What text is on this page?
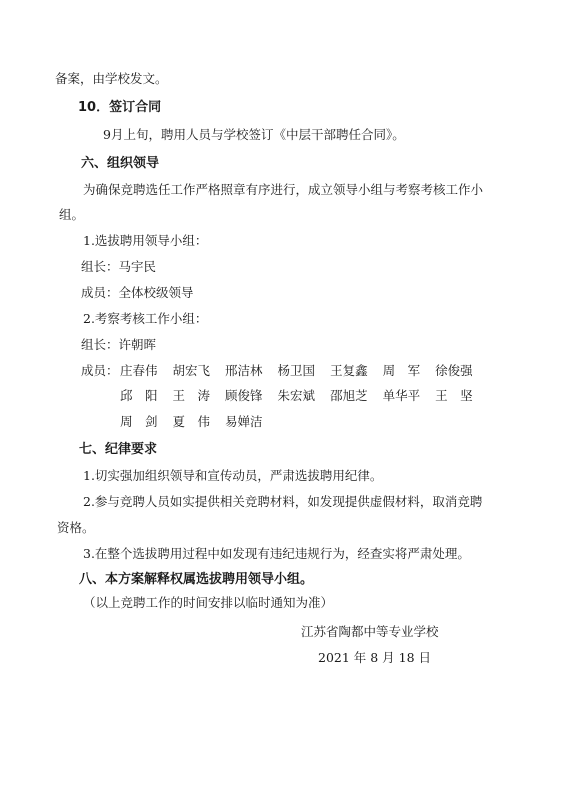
备案，由学校发文。
10．签订合同
9月上旬，聘用人员与学校签订《中层干部聘任合同》。
六、组织领导
为确保竞聘选任工作严格照章有序进行，成立领导小组与考察考核工作小
组。
1.选拔聘用领导小组：
组长：马宇民
成员：全体校级领导
2.考察考核工作小组：
组长：许朝晖
成员： 庄春伟 胡宏飞 邢洁林 杨卫国 王复鑫 周　军 徐俊强
邱　阳 王　涛 顾俊锋 朱宏斌 邵旭芝 单华平 王　坚
周　剑 夏　伟 易婵洁
七、纪律要求
1.切实强加组织领导和宣传动员，严肃选拔聘用纪律。
2.参与竞聘人员如实提供相关竞聘材料，如发现提供虚假材料，取消竞聘
资格。
3.在整个选拔聘用过程中如发现有违纪违规行为，经查实将严肃处理。
八、本方案解释权属选拔聘用领导小组。
（以上竞聘工作的时间安排以临时通知为准）
江苏省陶都中等专业学校
2021 年 8 月 18 日
